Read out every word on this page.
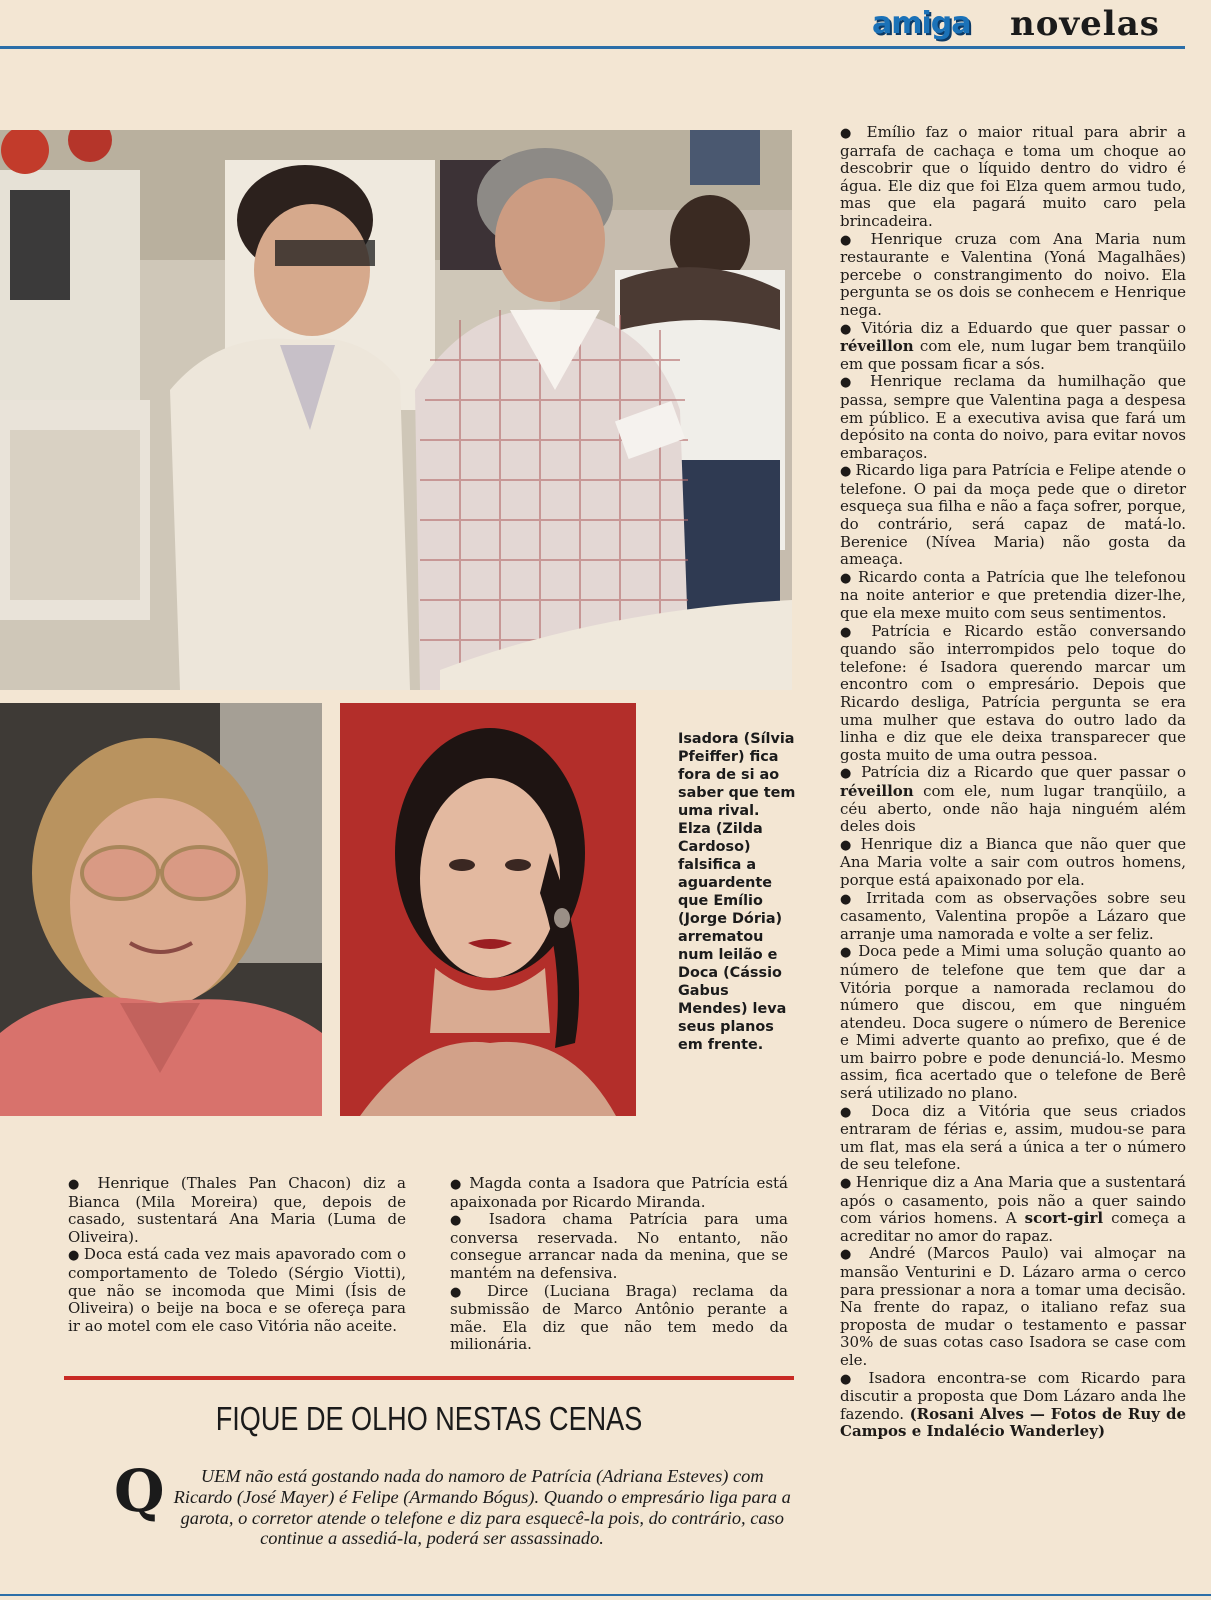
amiga novelas
Isadora (Sílvia Pfeiffer) fica fora de si ao saber que tem uma rival. Elza (Zilda Cardoso) falsifica a aguardente que Emílio (Jorge Dória) arrematou num leilão e Doca (Cássio Gabus Mendes) leva seus planos em frente.

● Emílio faz o maior ritual para abrir a garrafa de cachaça e toma um choque ao descobrir que o líquido dentro do vidro é água. Ele diz que foi Elza quem armou tudo, mas que ela pagará muito caro pela brincadeira.

● Henrique cruza com Ana Maria num restaurante e Valentina (Yoná Magalhães) percebe o constrangimento do noivo. Ela pergunta se os dois se conhecem e Henrique nega.

● Vitória diz a Eduardo que quer passar o réveillon com ele, num lugar bem tranqüilo em que possam ficar a sós.

● Henrique reclama da humilhação que passa, sempre que Valentina paga a despesa em público. E a executiva avisa que fará um depósito na conta do noivo, para evitar novos embaraços.

● Ricardo liga para Patrícia e Felipe atende o telefone. O pai da moça pede que o diretor esqueça sua filha e não a faça sofrer, porque, do contrário, será capaz de matá-lo. Berenice (Nívea Maria) não gosta da ameaça.

● Ricardo conta a Patrícia que lhe telefonou na noite anterior e que pretendia dizer-lhe, que ela mexe muito com seus sentimentos.

● Patrícia e Ricardo estão conversando quando são interrompidos pelo toque do telefone: é Isadora querendo marcar um encontro com o empresário. Depois que Ricardo desliga, Patrícia pergunta se era uma mulher que estava do outro lado da linha e diz que ele deixa transparecer que gosta muito de uma outra pessoa.

● Patrícia diz a Ricardo que quer passar o réveillon com ele, num lugar tranqüilo, a céu aberto, onde não haja ninguém além deles dois

● Henrique diz a Bianca que não quer que Ana Maria volte a sair com outros homens, porque está apaixonado por ela.

● Irritada com as observações sobre seu casamento, Valentina propõe a Lázaro que arranje uma namorada e volte a ser feliz.

● Doca pede a Mimi uma solução quanto ao número de telefone que tem que dar a Vitória porque a namorada reclamou do número que discou, em que ninguém atendeu. Doca sugere o número de Berenice e Mimi adverte quanto ao prefixo, que é de um bairro pobre e pode denunciá-lo. Mesmo assim, fica acertado que o telefone de Berê será utilizado no plano.

● Doca diz a Vitória que seus criados entraram de férias e, assim, mudou-se para um flat, mas ela será a única a ter o número de seu telefone.

● Henrique diz a Ana Maria que a sustentará após o casamento, pois não a quer saindo com vários homens. A scort-girl começa a acreditar no amor do rapaz.

● André (Marcos Paulo) vai almoçar na mansão Venturini e D. Lázaro arma o cerco para pressionar a nora a tomar uma decisão. Na frente do rapaz, o italiano refaz sua proposta de mudar o testamento e passar 30% de suas cotas caso Isadora se case com ele.

● Isadora encontra-se com Ricardo para discutir a proposta que Dom Lázaro anda lhe fazendo. (Rosani Alves — Fotos de Ruy de Campos e Indalécio Wanderley)

● Henrique (Thales Pan Chacon) diz a Bianca (Mila Moreira) que, depois de casado, sustentará Ana Maria (Luma de Oliveira).

● Doca está cada vez mais apavorado com o comportamento de Toledo (Sérgio Viotti), que não se incomoda que Mimi (Ísis de Oliveira) o beije na boca e se ofereça para ir ao motel com ele caso Vitória não aceite.

● Magda conta a Isadora que Patrícia está apaixonada por Ricardo Miranda.

● Isadora chama Patrícia para uma conversa reservada. No entanto, não consegue arrancar nada da menina, que se mantém na defensiva.

● Dirce (Luciana Braga) reclama da submissão de Marco Antônio perante a mãe. Ela diz que não tem medo da milionária.

FIQUE DE OLHO NESTAS CENAS
Q UEM não está gostando nada do namoro de Patrícia (Adriana Esteves) com Ricardo (José Mayer) é Felipe (Armando Bógus). Quando o empresário liga para a garota, o corretor atende o telefone e diz para esquecê-la pois, do contrário, caso continue a assediá-la, poderá ser assassinado.
